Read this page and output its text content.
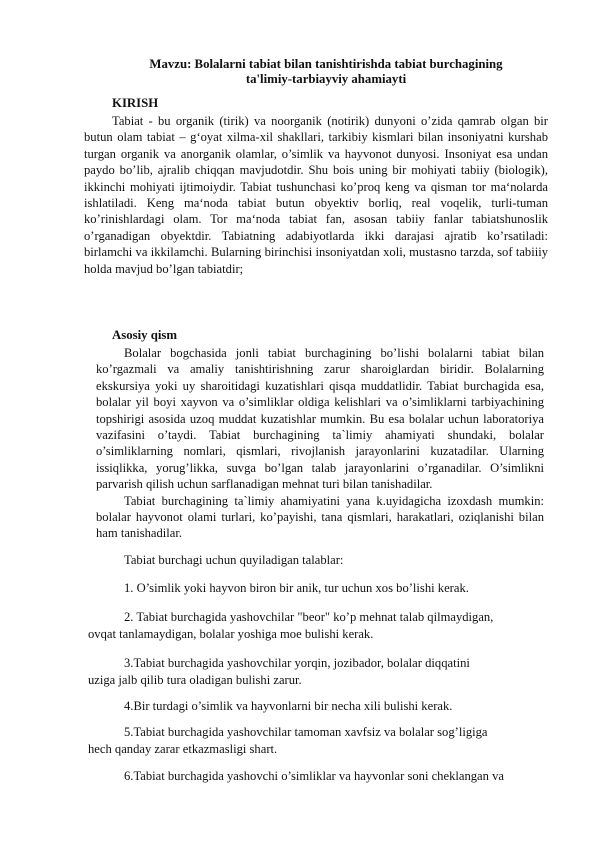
Mavzu: Bolalarni tabiat bilan tanishtirishda tabiat burchagining
ta'limiy-tarbiayviy ahamiayti
KIRISH

Tabiat - bu organik (tirik) va noorganik (notirik) dunyoni o’zida qamrab olgan bir butun olam tabiat – g‘oyat xilma-xil shakllari, tarkibiy kismlari bilan insoniyatni kurshab turgan organik va anorganik olamlar, o’simlik va hayvonot dunyosi. Insoniyat esa undan paydo bo’lib, ajralib chiqqan mavjudotdir. Shu bois uning bir mohiyati tabiiy (biologik), ikkinchi mohiyati ijtimoiydir. Tabiat tushunchasi ko’proq keng va qisman tor ma‘nolarda ishlatiladi. Keng ma‘noda tabiat butun obyektiv borliq, real voqelik, turli-tuman ko’rinishlardagi olam. Tor ma‘noda tabiat fan, asosan tabiiy fanlar tabiatshunoslik o’rganadigan obyektdir. Tabiatning adabiyotlarda ikki darajasi ajratib ko’rsatiladi: birlamchi va ikkilamchi. Bularning birinchisi insoniyatdan xoli, mustasno tarzda, sof tabiiiy holda mavjud bo’lgan tabiatdir;

Asosiy qism

Bolalar bogchasida jonli tabiat burchagining bo’lishi bolalarni tabiat bilan ko’rgazmali va amaliy tanishtirishning zarur sharoiglardan biridir. Bolalarning ekskursiya yoki uy sharoitidagi kuzatishlari qisqa muddatlidir. Tabiat burchagida esa, bolalar yil boyi xayvon va o’simliklar oldiga kelishlari va o’simliklarni tarbiyachining topshirigi asosida uzoq muddat kuzatishlar mumkin. Bu esa bolalar uchun laboratoriya vazifasini o’taydi. Tabiat burchagining ta`limiy ahamiyati shundaki, bolalar o’simliklarning nomlari, qismlari, rivojlanish jarayonlarini kuzatadilar. Ularning issiqlikka, yorug’likka, suvga bo’lgan talab jarayonlarini o’rganadilar. O’simlikni parvarish qilish uchun sarflanadigan mehnat turi bilan tanishadilar.

Tabiat burchagining ta`limiy ahamiyatini yana k.uyidagicha izoxdash mumkin: bolalar hayvonot olami turlari, ko’payishi, tana qismlari, harakatlari, oziqlanishi bilan ham tanishadilar.

Tabiat burchagi uchun quyiladigan talablar:
1. O’simlik yoki hayvon biron bir anik, tur uchun xos bo’lishi kerak.
2. Tabiat burchagida yashovchilar "beor" ko’p mehnat talab qilmaydigan,
ovqat tanlamaydigan, bolalar yoshiga moe bulishi kerak.
3.Tabiat burchagida yashovchilar yorqin, jozibador, bolalar diqqatini
uziga jalb qilib tura oladigan bulishi zarur.
4.Bir turdagi o’simlik va hayvonlarni bir necha xili bulishi kerak.
5.Tabiat burchagida yashovchilar tamoman xavfsiz va bolalar sog’ligiga
hech qanday zarar etkazmasligi shart.
6.Tabiat burchagida yashovchi o’simliklar va hayvonlar soni cheklangan va
